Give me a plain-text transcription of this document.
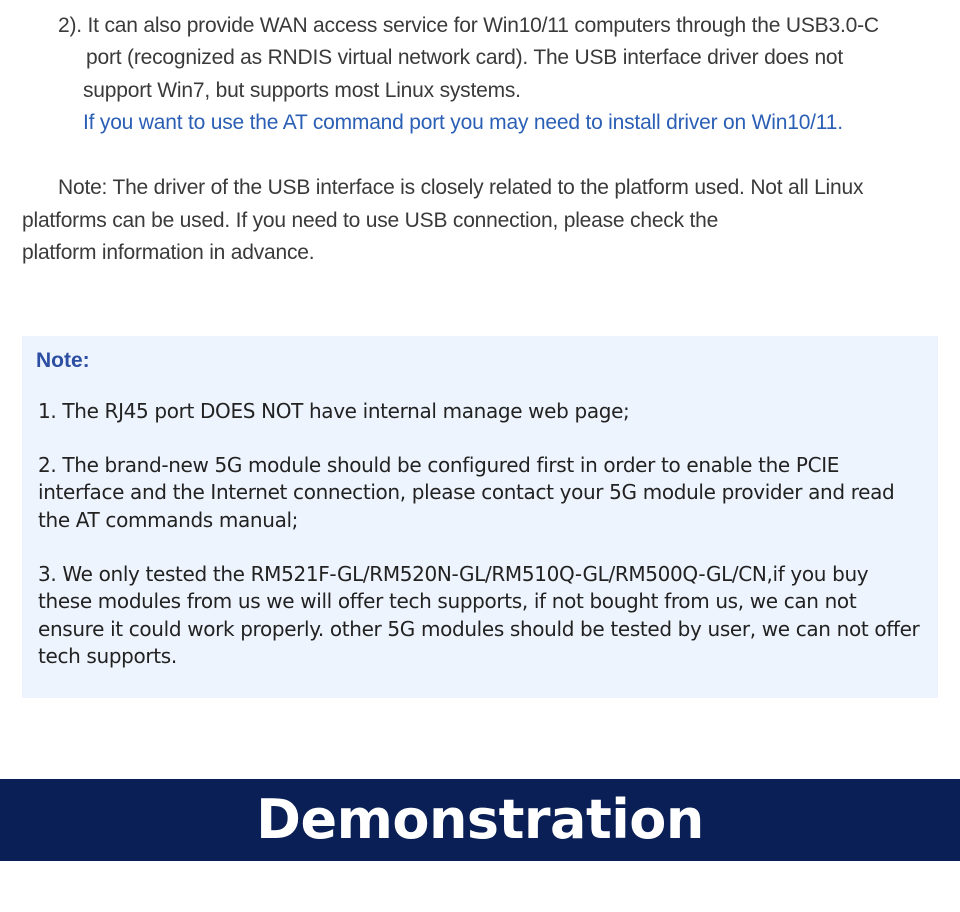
2). It can also provide WAN access service for Win10/11 computers through the USB3.0-C
port (recognized as RNDIS virtual network card). The USB interface driver does not
support Win7, but supports most Linux systems.
If you want to use the AT command port you may need to install driver on Win10/11.
Note: The driver of the USB interface is closely related to the platform used. Not all Linux
platforms can be used. If you need to use USB connection, please check the
platform information in advance.
Note:
1. The RJ45 port DOES NOT have internal manage web page;
2. The brand-new 5G module should be configured first in order to enable the PCIE
interface and the Internet connection, please contact your 5G module provider and read
the AT commands manual;
3. We only tested the RM521F-GL/RM520N-GL/RM510Q-GL/RM500Q-GL/CN,if you buy
these modules from us we will offer tech supports, if not bought from us, we can not
ensure it could work properly. other 5G modules should be tested by user, we can not offer
tech supports.
Demonstration
